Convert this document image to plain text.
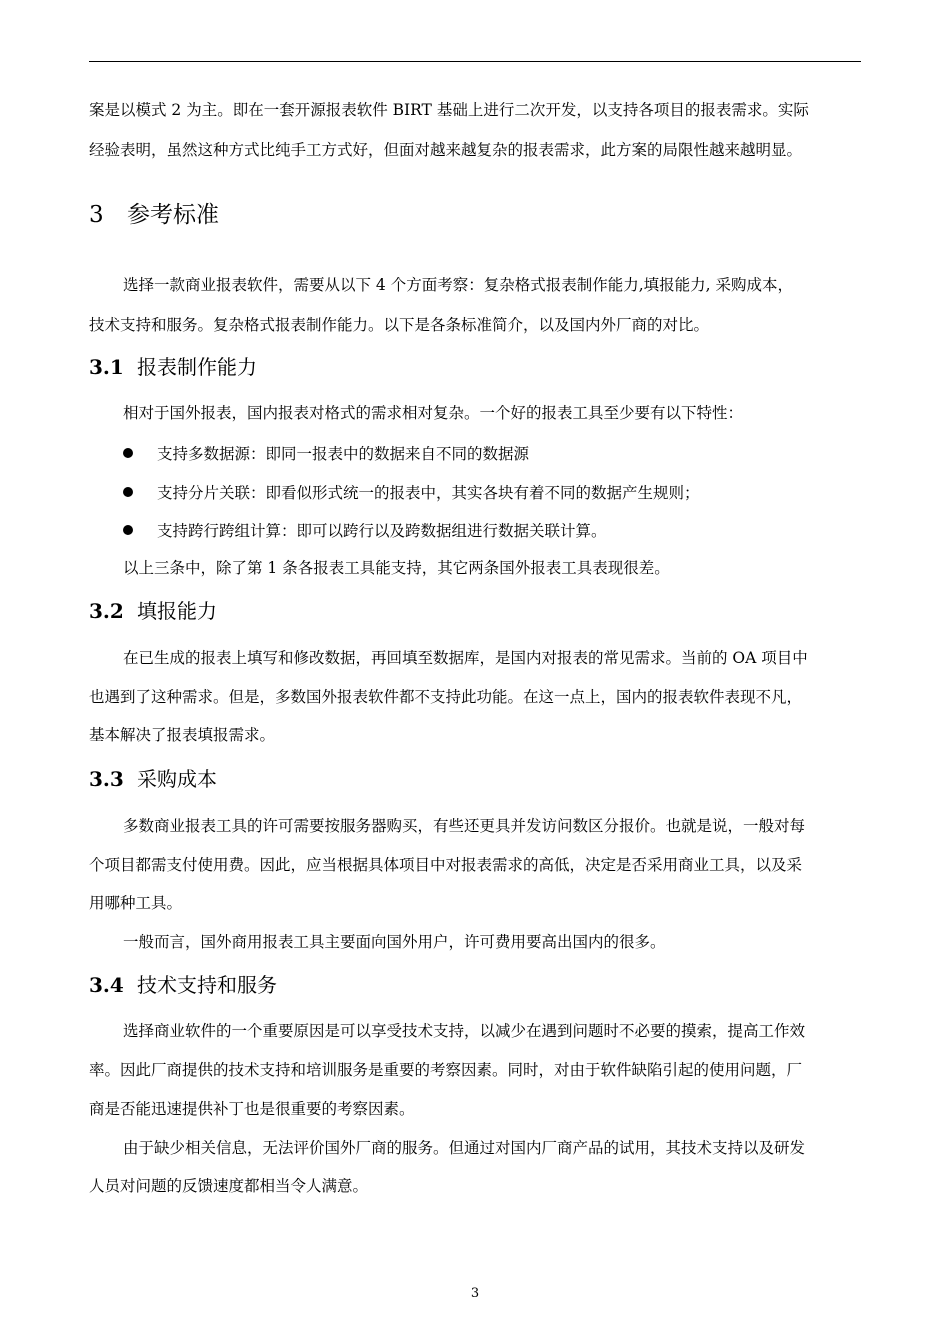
案是以模式 2 为主。即在一套开源报表软件 BIRT 基础上进行二次开发，以支持各项目的报表需求。实际
经验表明，虽然这种方式比纯手工方式好，但面对越来越复杂的报表需求，此方案的局限性越来越明显。
3 参考标准
选择一款商业报表软件，需要从以下 4 个方面考察：复杂格式报表制作能力,填报能力, 采购成本，
技术支持和服务。复杂格式报表制作能力。以下是各条标准简介，以及国内外厂商的对比。
3.1 报表制作能力
相对于国外报表，国内报表对格式的需求相对复杂。一个好的报表工具至少要有以下特性：
支持多数据源：即同一报表中的数据来自不同的数据源
支持分片关联：即看似形式统一的报表中，其实各块有着不同的数据产生规则；
支持跨行跨组计算：即可以跨行以及跨数据组进行数据关联计算。
以上三条中，除了第 1 条各报表工具能支持，其它两条国外报表工具表现很差。
3.2 填报能力
在已生成的报表上填写和修改数据，再回填至数据库，是国内对报表的常见需求。当前的 OA 项目中
也遇到了这种需求。但是，多数国外报表软件都不支持此功能。在这一点上，国内的报表软件表现不凡，
基本解决了报表填报需求。
3.3 采购成本
多数商业报表工具的许可需要按服务器购买，有些还更具并发访问数区分报价。也就是说，一般对每
个项目都需支付使用费。因此，应当根据具体项目中对报表需求的高低，决定是否采用商业工具，以及采
用哪种工具。
一般而言，国外商用报表工具主要面向国外用户，许可费用要高出国内的很多。
3.4 技术支持和服务
选择商业软件的一个重要原因是可以享受技术支持，以减少在遇到问题时不必要的摸索，提高工作效
率。因此厂商提供的技术支持和培训服务是重要的考察因素。同时，对由于软件缺陷引起的使用问题，厂
商是否能迅速提供补丁也是很重要的考察因素。
由于缺少相关信息，无法评价国外厂商的服务。但通过对国内厂商产品的试用，其技术支持以及研发
人员对问题的反馈速度都相当令人满意。
3
